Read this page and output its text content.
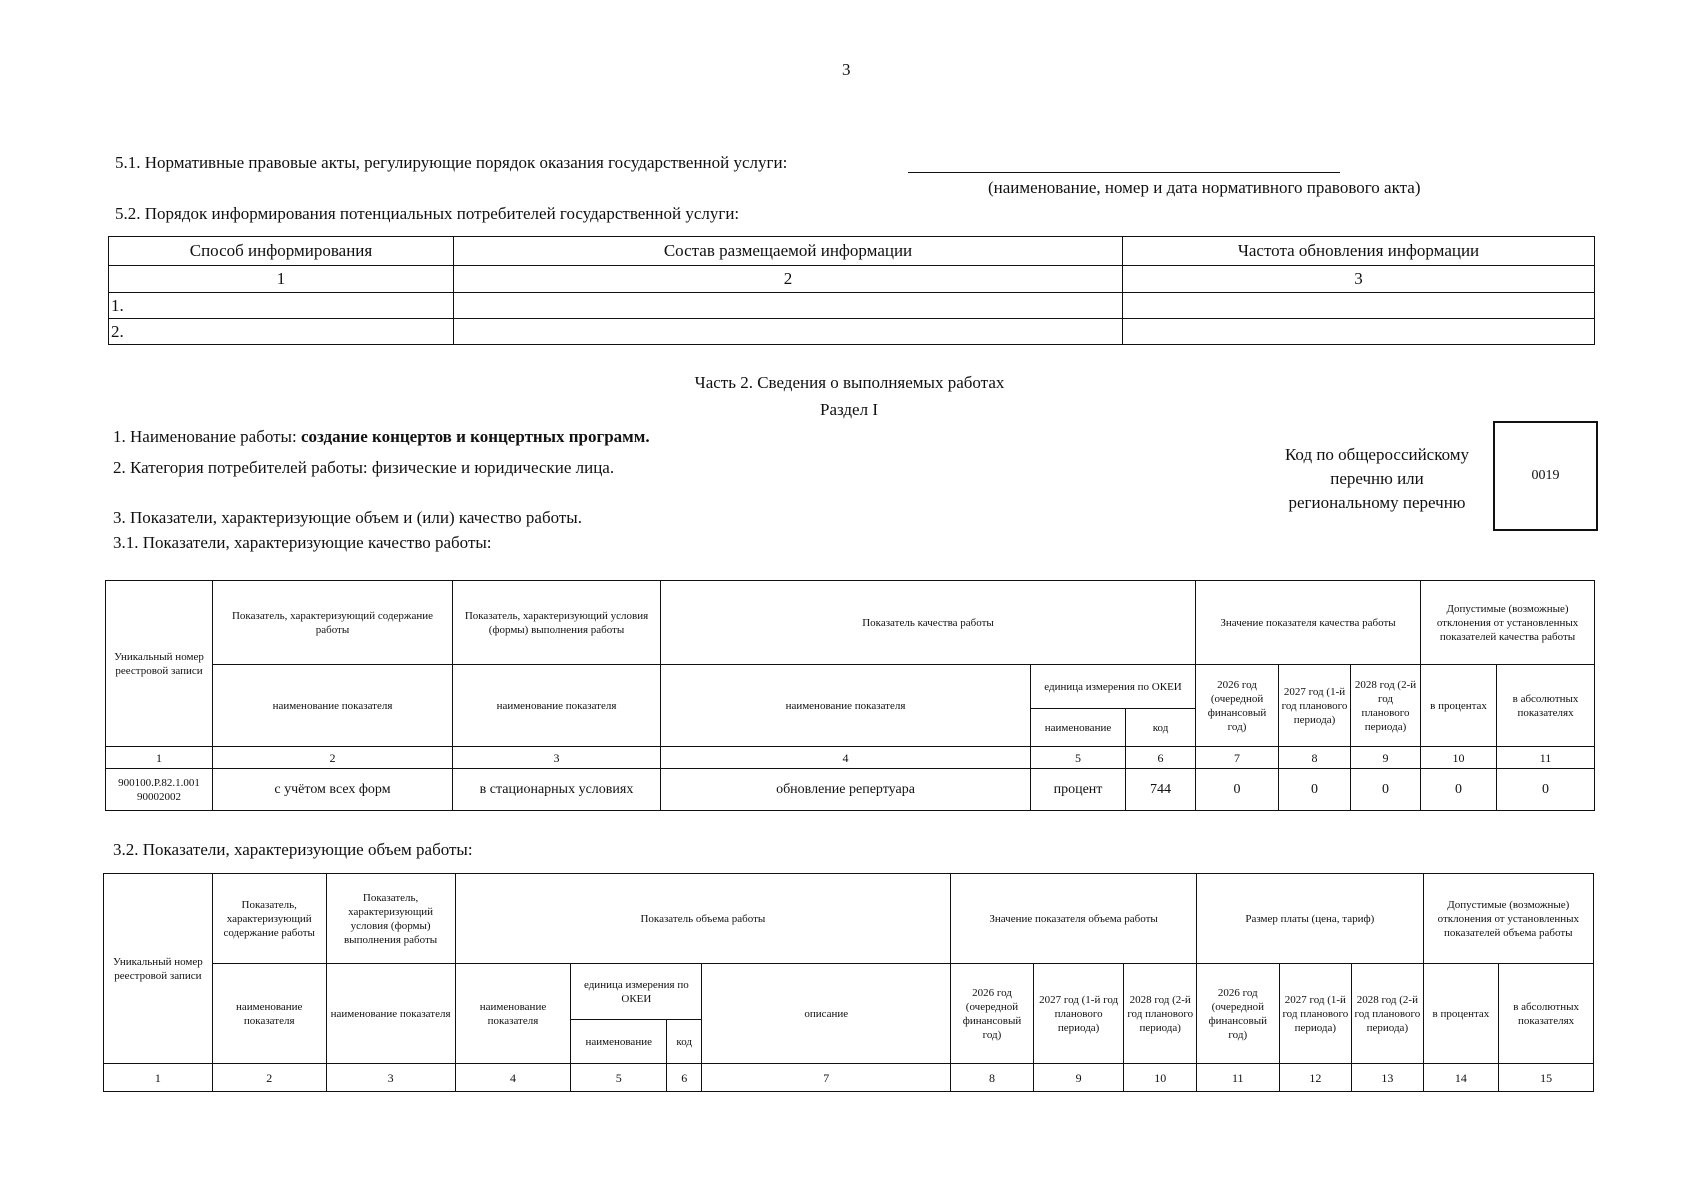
3
5.1. Нормативные правовые акты, регулирующие порядок оказания государственной услуги:
(наименование, номер и дата нормативного правового акта)
5.2. Порядок информирования потенциальных потребителей государственной услуги:
Способ информирования	Состав размещаемой информации	Частота обновления информации
1	2	3
1.		
2.		
Часть 2. Сведения о выполняемых работах
Раздел I
1. Наименование работы: создание концертов и концертных программ.
2. Категория потребителей работы: физические и юридические лица.
Код по общероссийскому
перечню или
региональному перечню
0019
3. Показатели, характеризующие объем и (или) качество работы.
3.1. Показатели, характеризующие качество работы:
Уникальный номер реестровой записи	Показатель, характеризующий содержание работы	Показатель, характеризующий условия (формы) выполнения работы	Показатель качества работы			Значение показателя качества работы			Допустимые (возможные) отклонения от установленных показателей качества работы	
	наименование показателя	наименование показателя	наименование показателя	единица измерения по ОКЕИ		2026 год (очередной финансовый год)	2027 год (1-й год планового периода)	2028 год (2-й год планового периода)	в процентах	в абсолютных показателях
				наименование	код					
1	2	3	4	5	6	7	8	9	10	11
900100.Р.82.1.001 90002002	с учётом всех форм	в стационарных условиях	обновление репертуара	процент	744	0	0	0	0	0
3.2. Показатели, характеризующие объем работы:
Уникальный номер реестровой записи	Показатель, характеризующий содержание работы	Показатель, характеризующий условия (формы) выполнения работы	Показатель объема работы				Значение показателя объема работы			Размер платы (цена, тариф)			Допустимые (возможные) отклонения от установленных показателей объема работы	
	наименование показателя	наименование показателя	наименование показателя	единица измерения по ОКЕИ		описание	2026 год (очередной финансовый год)	2027 год (1-й год планового периода)	2028 год (2-й год планового периода)	2026 год (очередной финансовый год)	2027 год (1-й год планового периода)	2028 год (2-й год планового периода)	в процентах	в абсолютных показателях
				наименование	код									
1	2	3	4	5	6	7	8	9	10	11	12	13	14	15
